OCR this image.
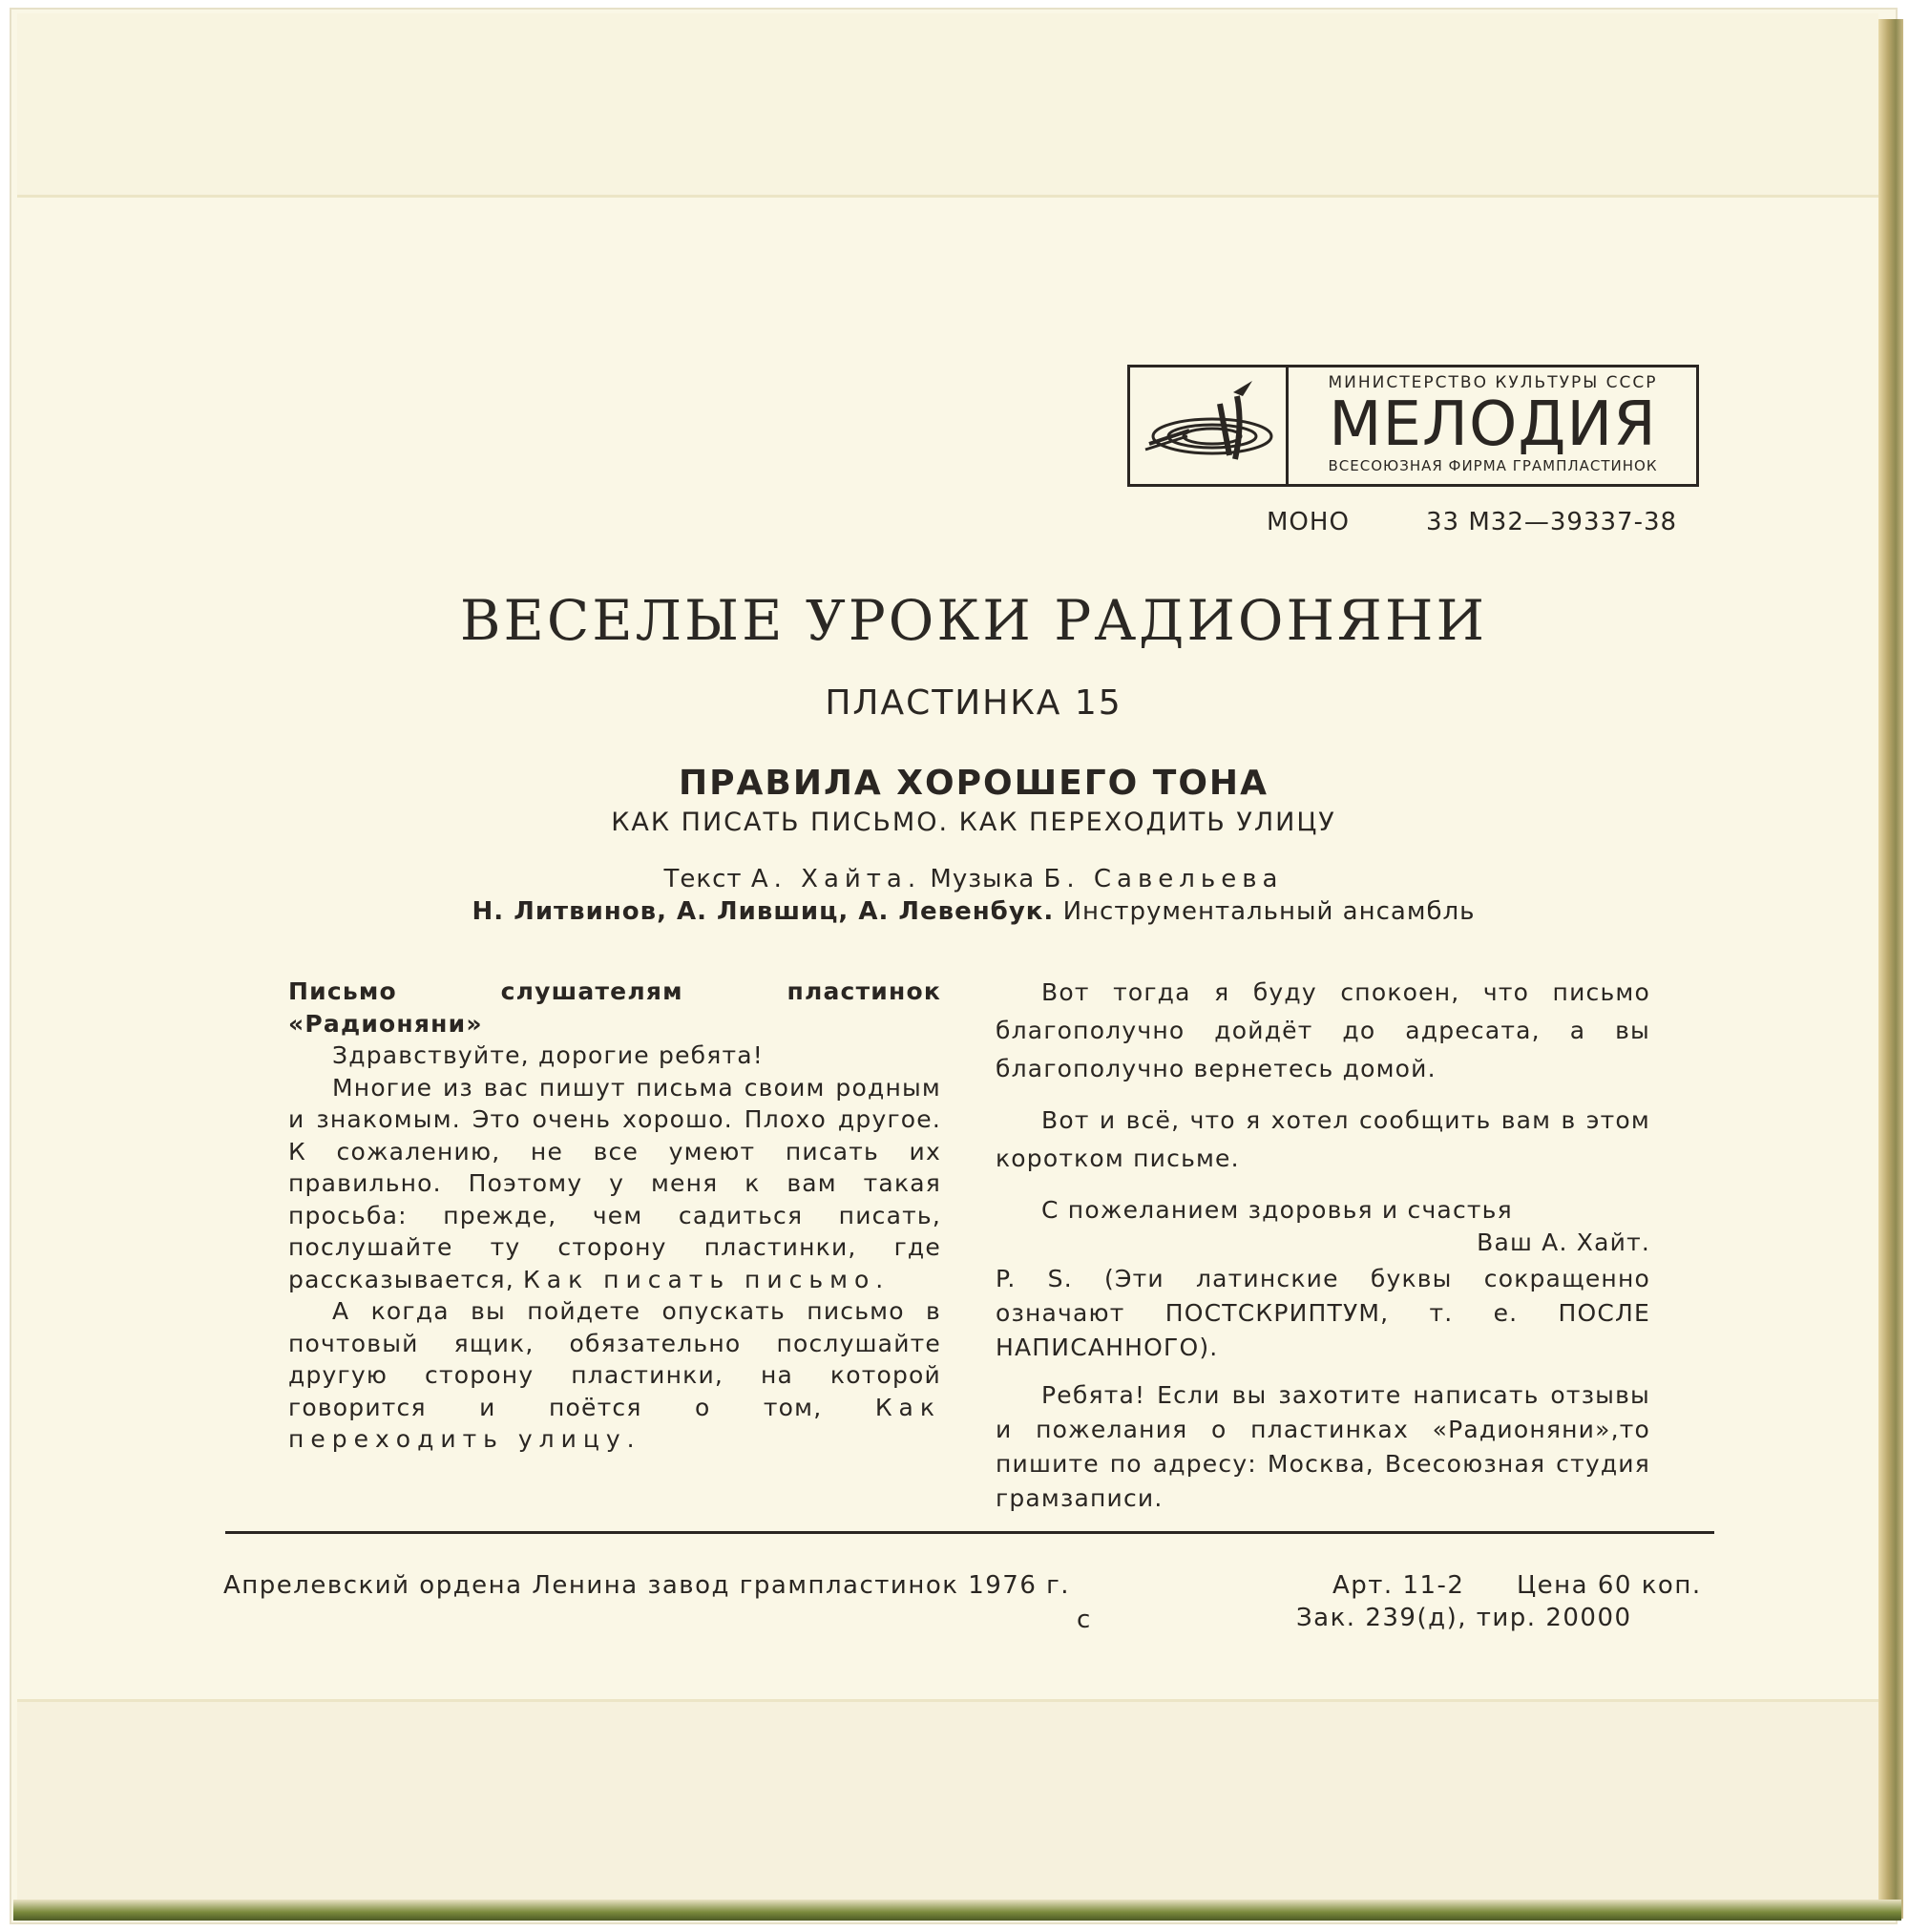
МИНИСТЕРСТВО КУЛЬТУРЫ СССР
МЕЛОДИЯ
ВСЕСОЮЗНАЯ ФИРМА ГРАМПЛАСТИНОК
МОНО	33 М32—39337-38
ВЕСЕЛЫЕ УРОКИ РАДИОНЯНИ
ПЛАСТИНКА 15
ПРАВИЛА ХОРОШЕГО ТОНА
КАК ПИСАТЬ ПИСЬМО. КАК ПЕРЕХОДИТЬ УЛИЦУ
Текст А. Хайта. Музыка Б. Савельева
Н. Литвинов, А. Лившиц, А. Левенбук. Инструментальный ансамбль

Письмо слушателям пластинок «Радионяни»

Здравствуйте, дорогие ребята!

Многие из вас пишут письма своим родным и знакомым. Это очень хорошо. Плохо другое. К сожалению, не все умеют писать их правильно. Поэтому у меня к вам такая просьба: прежде, чем садиться писать, послушайте ту сторону пластинки, где рассказывается, Как писать письмо.

А когда вы пойдете опускать письмо в почтовый ящик, обязательно послушайте другую сторону пластинки, на которой говорится и поётся о том, Как переходить улицу.

Вот тогда я буду спокоен, что письмо благополучно дойдёт до адресата, а вы благополучно вернетесь домой.

Вот и всё, что я хотел сообщить вам в этом коротком письме.

С пожеланием здоровья и счастья

Ваш А. Хайт.

P. S. (Эти латинские буквы сокращенно означают ПОСТСКРИПТУМ, т. е. ПОСЛЕ НАПИСАННОГО).

Ребята! Если вы захотите написать отзывы и пожелания о пластинках «Радионяни»,то пишите по адресу: Москва, Всесоюзная студия грамзаписи.

Апрелевский ордена Ленина завод грампластинок 1976 г.
с
Арт. 11-2 Цена 60 коп.
Зак. 239(д), тир. 20000
